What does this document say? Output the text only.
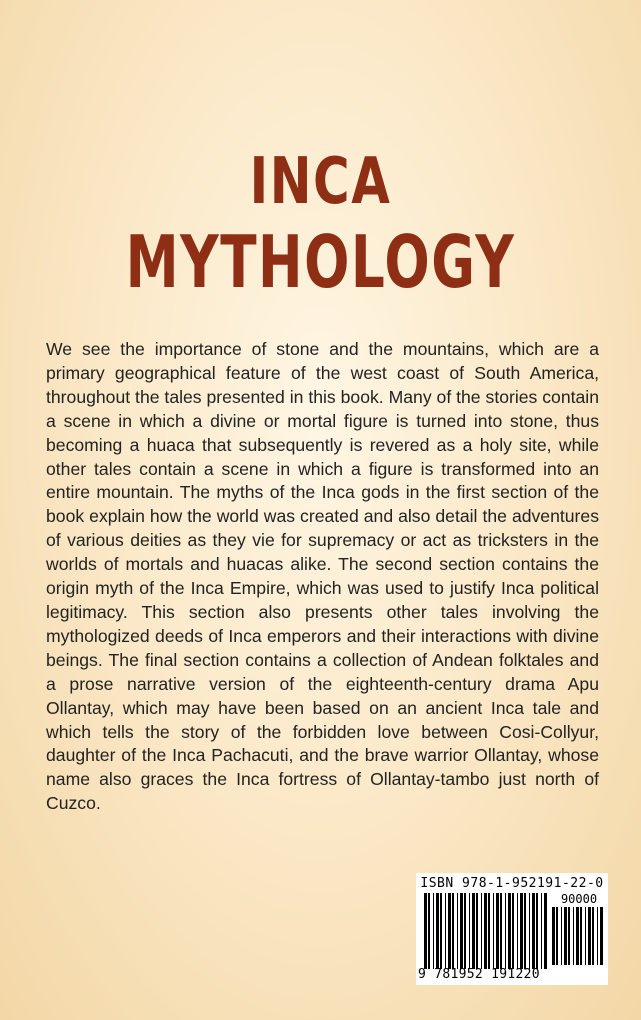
INCA
MYTHOLOGY
We see the importance of stone and the mountains, which are a primary geographical feature of the west coast of South America, throughout the tales presented in this book. Many of the stories contain a scene in which a divine or mortal figure is turned into stone, thus becoming a huaca that subsequently is revered as a holy site, while other tales contain a scene in which a figure is transformed into an entire mountain. The myths of the Inca gods in the first section of the book explain how the world was created and also detail the adventures of various deities as they vie for supremacy or act as tricksters in the worlds of mortals and huacas alike. The second section contains the origin myth of the Inca Empire, which was used to justify Inca political legitimacy. This section also presents other tales involving the mythologized deeds of Inca emperors and their interactions with divine beings. The final section contains a collection of Andean folktales and a prose narrative version of the eighteenth-century drama Apu Ollantay, which may have been based on an ancient Inca tale and which tells the story of the forbidden love between Cosi-Collyur, daughter of the Inca Pachacuti, and the brave warrior Ollantay, whose name also graces the Inca fortress of Ollantay-tambo just north of Cuzco.
ISBN 978-1-952191-22-0
90000
9 781952 191220
